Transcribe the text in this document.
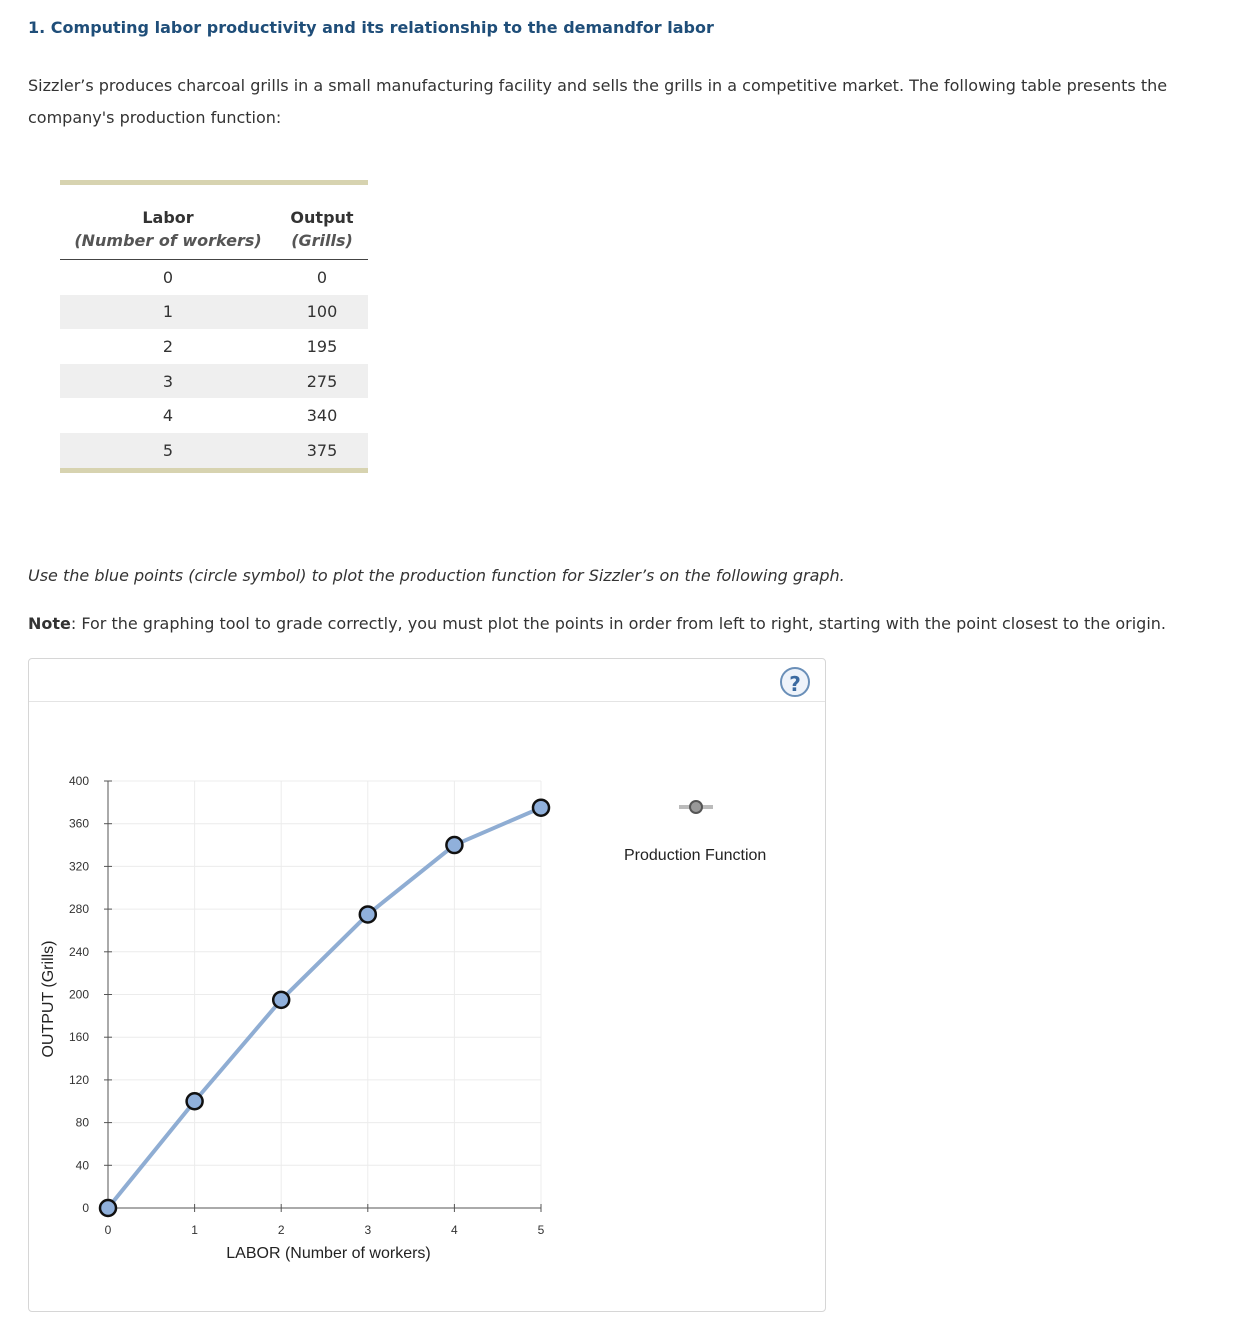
1. Computing labor productivity and its relationship to the demandfor labor

Sizzler’s produces charcoal grills in a small manufacturing facility and sells the grills in a competitive market. The following table presents the company's production function:

Labor	Output
(Number of workers)	(Grills)
0	0
1	100
2	195
3	275
4	340
5	375

Use the blue points (circle symbol) to plot the production function for Sizzler’s on the following graph.

Note: For the graphing tool to grade correctly, you must plot the points in order from left to right, starting with the point closest to the origin.

?
0
40
80
120
160
200
240
280
320
360
400
0	1	2	3	4	5
LABOR (Number of workers)
OUTPUT (Grills)
Production Function
